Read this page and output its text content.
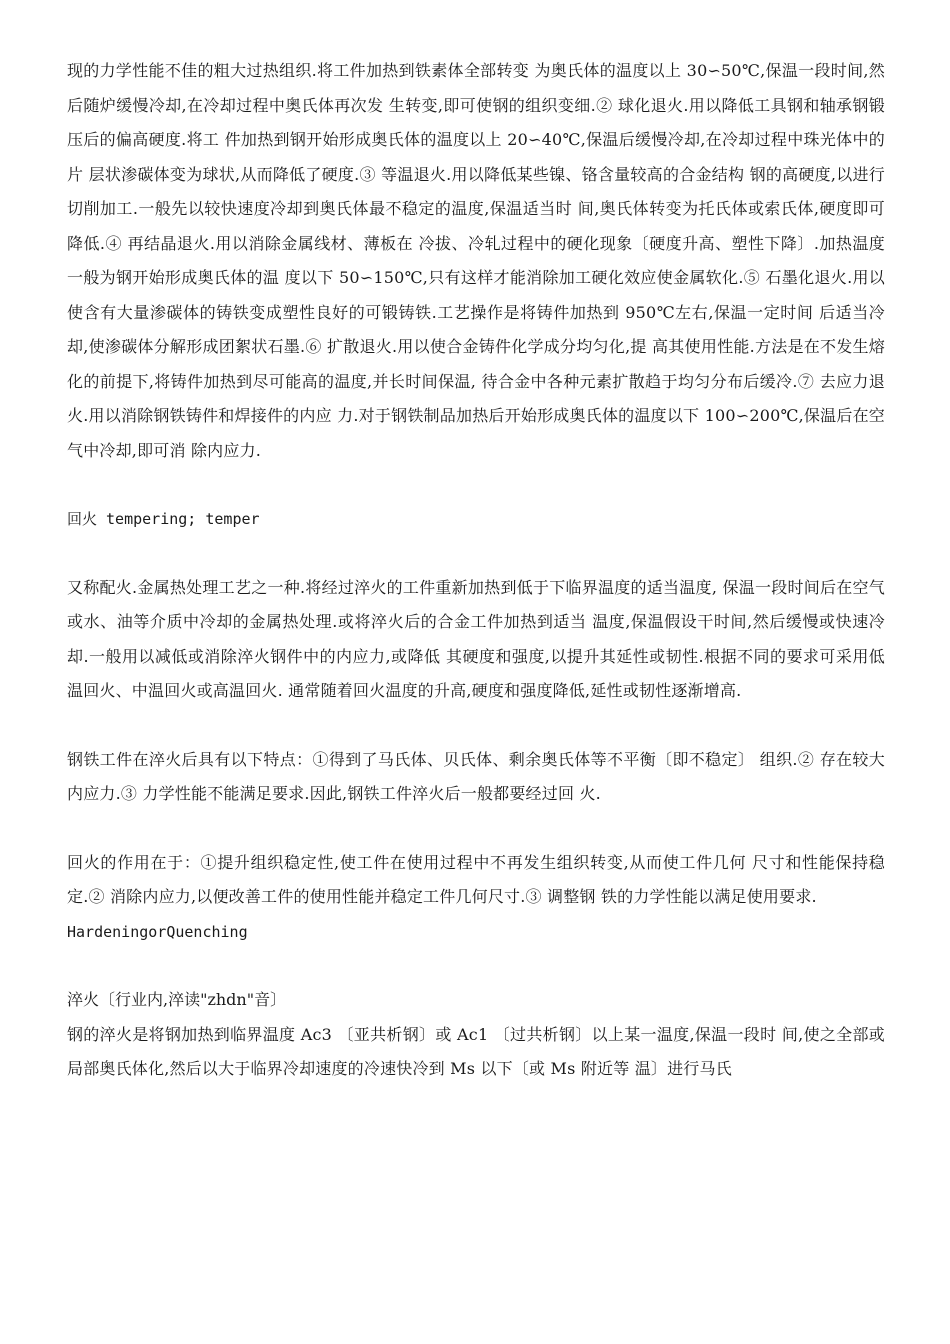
现的力学性能不佳的粗大过热组织.将工件加热到铁素体全部转变 为奥氏体的温度以上 30∽50℃,保温一段时间,然后随炉缓慢冷却,在冷却过程中奥氏体再次发 生转变,即可使钢的组织变细.② 球化退火.用以降低工具钢和轴承钢锻压后的偏高硬度.将工 件加热到钢开始形成奥氏体的温度以上 20∽40℃,保温后缓慢冷却,在冷却过程中珠光体中的片 层状渗碳体变为球状,从而降低了硬度.③ 等温退火.用以降低某些镍、铬含量较高的合金结构 钢的高硬度,以进行切削加工.一般先以较快速度冷却到奥氏体最不稳定的温度,保温适当时 间,奥氏体转变为托氏体或索氏体,硬度即可降低.④ 再结晶退火.用以消除金属线材、薄板在 冷拔、冷轧过程中的硬化现象〔硬度升高、塑性下降〕.加热温度一般为钢开始形成奥氏体的温 度以下 50∽150℃,只有这样才能消除加工硬化效应使金属软化.⑤ 石墨化退火.用以使含有大量渗碳体的铸铁变成塑性良好的可锻铸铁.工艺操作是将铸件加热到 950℃左右,保温一定时间 后适当冷却,使渗碳体分解形成团絮状石墨.⑥ 扩散退火.用以使合金铸件化学成分均匀化,提 高其使用性能.方法是在不发生熔化的前提下,将铸件加热到尽可能高的温度,并长时间保温, 待合金中各种元素扩散趋于均匀分布后缓冷.⑦ 去应力退火.用以消除钢铁铸件和焊接件的内应 力.对于钢铁制品加热后开始形成奥氏体的温度以下 100∽200℃,保温后在空气中冷却,即可消 除内应力.

回火 tempering; temper

又称配火.金属热处理工艺之一种.将经过淬火的工件重新加热到低于下临界温度的适当温度, 保温一段时间后在空气或水、油等介质中冷却的金属热处理.或将淬火后的合金工件加热到适当 温度,保温假设干时间,然后缓慢或快速冷却.一般用以减低或消除淬火钢件中的内应力,或降低 其硬度和强度,以提升其延性或韧性.根据不同的要求可采用低温回火、中温回火或高温回火. 通常随着回火温度的升高,硬度和强度降低,延性或韧性逐渐增高.

钢铁工件在淬火后具有以下特点：①得到了马氏体、贝氏体、剩余奥氏体等不平衡〔即不稳定〕 组织.② 存在较大内应力.③ 力学性能不能满足要求.因此,钢铁工件淬火后一般都要经过回 火.

回火的作用在于：①提升组织稳定性,使工件在使用过程中不再发生组织转变,从而使工件几何 尺寸和性能保持稳定.② 消除内应力,以便改善工件的使用性能并稳定工件几何尺寸.③ 调整钢 铁的力学性能以满足使用要求.

HardeningorQuenching

淬火〔行业内,淬读"zhdn"音〕

钢的淬火是将钢加热到临界温度 Ac3 〔亚共析钢〕或 Ac1 〔过共析钢〕以上某一温度,保温一段时 间,使之全部或局部奥氏体化,然后以大于临界冷却速度的冷速快冷到 Ms 以下〔或 Ms 附近等 温〕进行马氏
